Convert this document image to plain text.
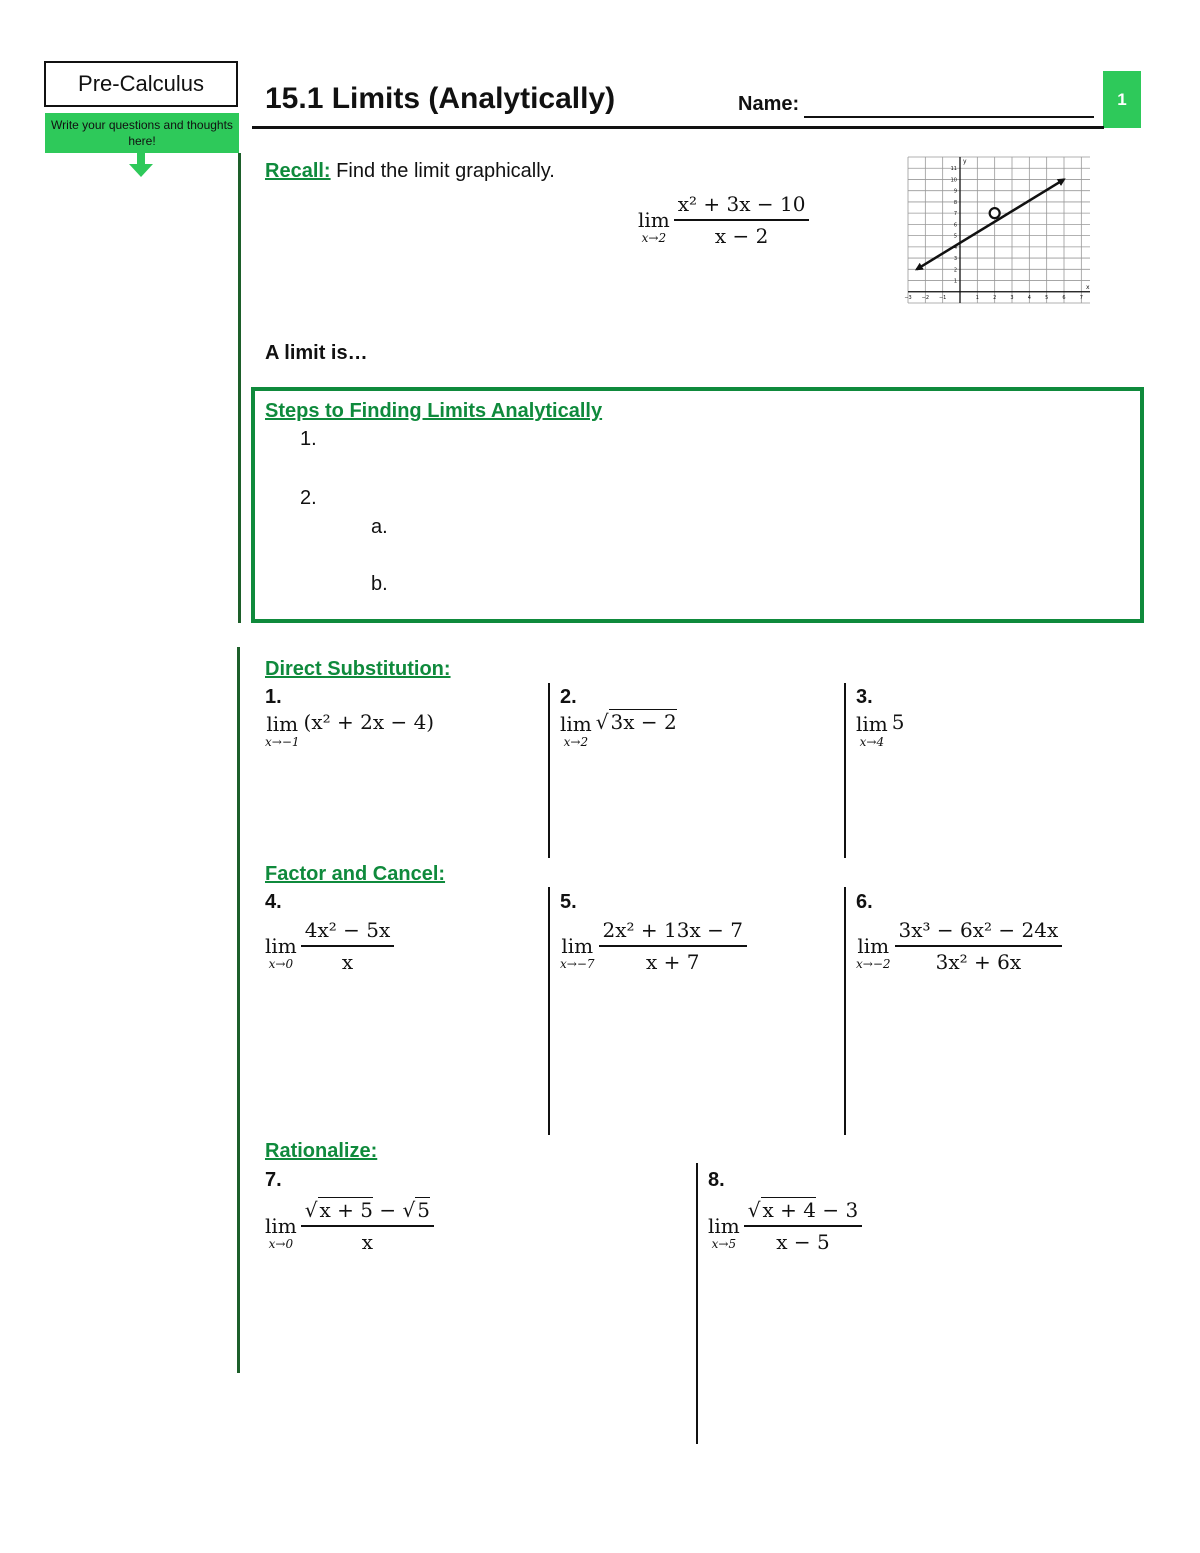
Pre-Calculus
Write your questions and thoughts here!
15.1 Limits (Analytically)	Name:	1
Recall: Find the limit graphically.
lim
$x\to 2 \frac{\text{x² + 3x − 10}}{x - 2}$
11
10
9
8
7
6
5
4
3
2
1
−3 −2 −1	1	2	3	4	5	6	7
y
x
A limit is…
Steps to Finding Limits Analytically
1.
2.
a.
b.
Direct Substitution:
1.
lim
x→−1
(x² + 2x − 4)
2.
lim
x→2
√ 3x − 2
3.
lim
x→4
5
Factor and Cancel:
4.
lim
$x\to 0 \frac{\text{4x² − 5x}}{x}$
5.
lim
$x\to-7 \frac{\text{2x² + 13x − 7}}{x + 7}$
6.
lim
$x\to-2 \frac{\text{3x³ − 6x² − 24x}}{\text{3x² + 6x}}$
Rationalize:
7.
lim
$x\to 0 \frac{√ x + 5 - √ 5}{x}$
8.
lim
$x\to 5 \frac{√ x + 4 - 3}{x - 5}$
